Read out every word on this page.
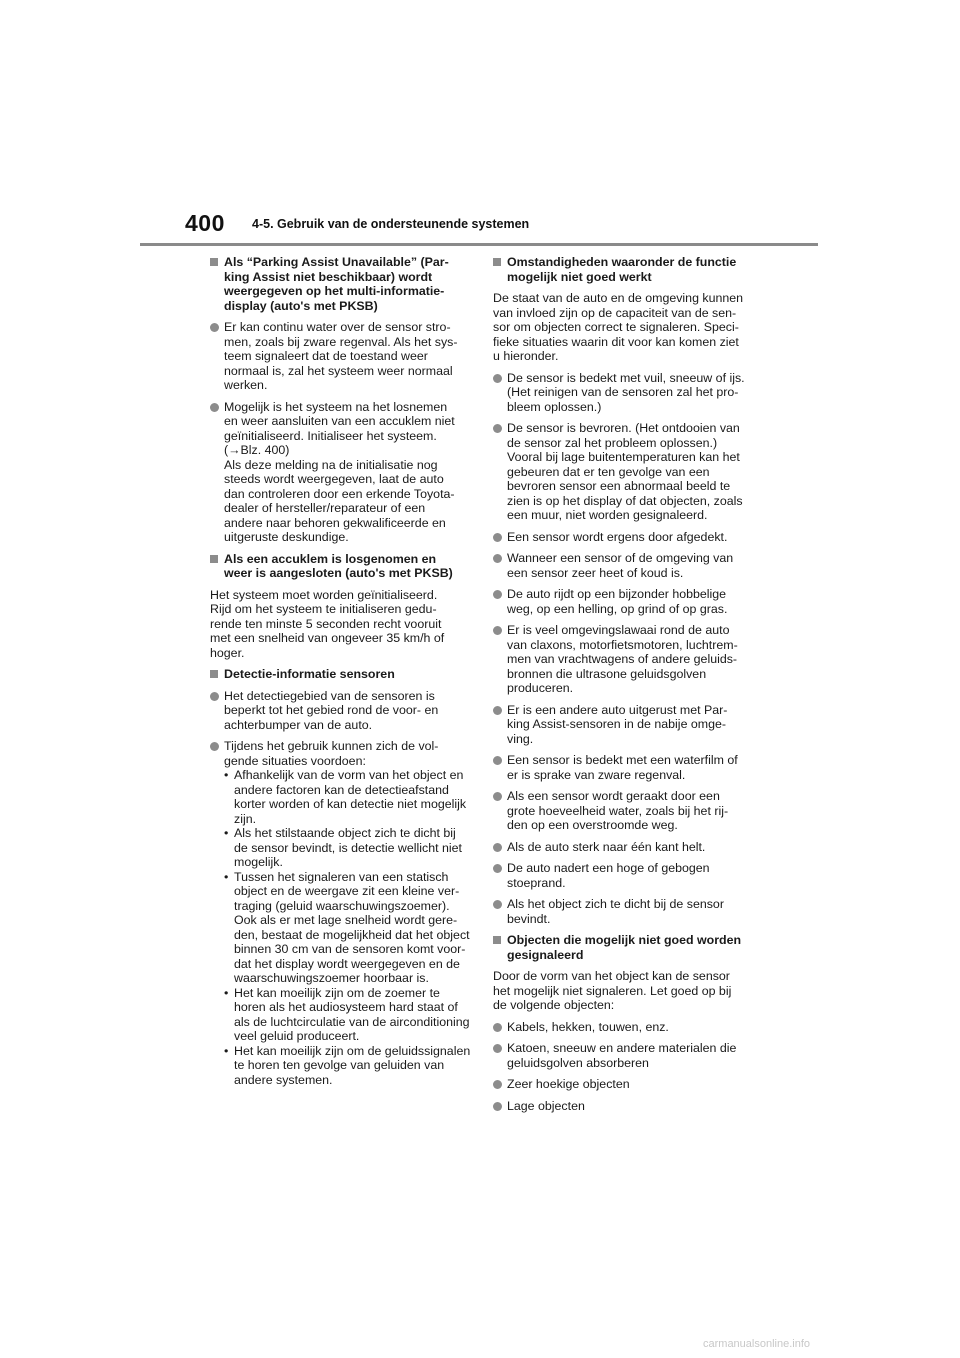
400 4-5. Gebruik van de ondersteunende systemen
Als “Parking Assist Unavailable” (Par-
king Assist niet beschikbaar) wordt
weergegeven op het multi-informatie-
display (auto's met PKSB)
Er kan continu water over de sensor stro-
men, zoals bij zware regenval. Als het sys-
teem signaleert dat de toestand weer
normaal is, zal het systeem weer normaal
werken.
Mogelijk is het systeem na het losnemen
en weer aansluiten van een accuklem niet
geïnitialiseerd. Initialiseer het systeem.
(→Blz. 400)
Als deze melding na de initialisatie nog
steeds wordt weergegeven, laat de auto
dan controleren door een erkende Toyota-
dealer of hersteller/reparateur of een
andere naar behoren gekwalificeerde en
uitgeruste deskundige.
Als een accuklem is losgenomen en
weer is aangesloten (auto's met PKSB)
Het systeem moet worden geïnitialiseerd.
Rijd om het systeem te initialiseren gedu-
rende ten minste 5 seconden recht vooruit
met een snelheid van ongeveer 35 km/h of
hoger.
Detectie-informatie sensoren
Het detectiegebied van de sensoren is
beperkt tot het gebied rond de voor- en
achterbumper van de auto.
Tijdens het gebruik kunnen zich de vol-
gende situaties voordoen:
• Afhankelijk van de vorm van het object en
andere factoren kan de detectieafstand
korter worden of kan detectie niet mogelijk
zijn.
• Als het stilstaande object zich te dicht bij
de sensor bevindt, is detectie wellicht niet
mogelijk.
• Tussen het signaleren van een statisch
object en de weergave zit een kleine ver-
traging (geluid waarschuwingszoemer).
Ook als er met lage snelheid wordt gere-
den, bestaat de mogelijkheid dat het object
binnen 30 cm van de sensoren komt voor-
dat het display wordt weergegeven en de
waarschuwingszoemer hoorbaar is.
• Het kan moeilijk zijn om de zoemer te
horen als het audiosysteem hard staat of
als de luchtcirculatie van de airconditioning
veel geluid produceert.
• Het kan moeilijk zijn om de geluidssignalen
te horen ten gevolge van geluiden van
andere systemen.
Omstandigheden waaronder de functie
mogelijk niet goed werkt
De staat van de auto en de omgeving kunnen
van invloed zijn op de capaciteit van de sen-
sor om objecten correct te signaleren. Speci-
fieke situaties waarin dit voor kan komen ziet
u hieronder.
De sensor is bedekt met vuil, sneeuw of ijs.
(Het reinigen van de sensoren zal het pro-
bleem oplossen.)
De sensor is bevroren. (Het ontdooien van
de sensor zal het probleem oplossen.)
Vooral bij lage buitentemperaturen kan het
gebeuren dat er ten gevolge van een
bevroren sensor een abnormaal beeld te
zien is op het display of dat objecten, zoals
een muur, niet worden gesignaleerd.
Een sensor wordt ergens door afgedekt.
Wanneer een sensor of de omgeving van
een sensor zeer heet of koud is.
De auto rijdt op een bijzonder hobbelige
weg, op een helling, op grind of op gras.
Er is veel omgevingslawaai rond de auto
van claxons, motorfietsmotoren, luchtrem-
men van vrachtwagens of andere geluids-
bronnen die ultrasone geluidsgolven
produceren.
Er is een andere auto uitgerust met Par-
king Assist-sensoren in de nabije omge-
ving.
Een sensor is bedekt met een waterfilm of
er is sprake van zware regenval.
Als een sensor wordt geraakt door een
grote hoeveelheid water, zoals bij het rij-
den op een overstroomde weg.
Als de auto sterk naar één kant helt.
De auto nadert een hoge of gebogen
stoeprand.
Als het object zich te dicht bij de sensor
bevindt.
Objecten die mogelijk niet goed worden
gesignaleerd
Door de vorm van het object kan de sensor
het mogelijk niet signaleren. Let goed op bij
de volgende objecten:
Kabels, hekken, touwen, enz.
Katoen, sneeuw en andere materialen die
geluidsgolven absorberen
Zeer hoekige objecten
Lage objecten
carmanualsonline.info
